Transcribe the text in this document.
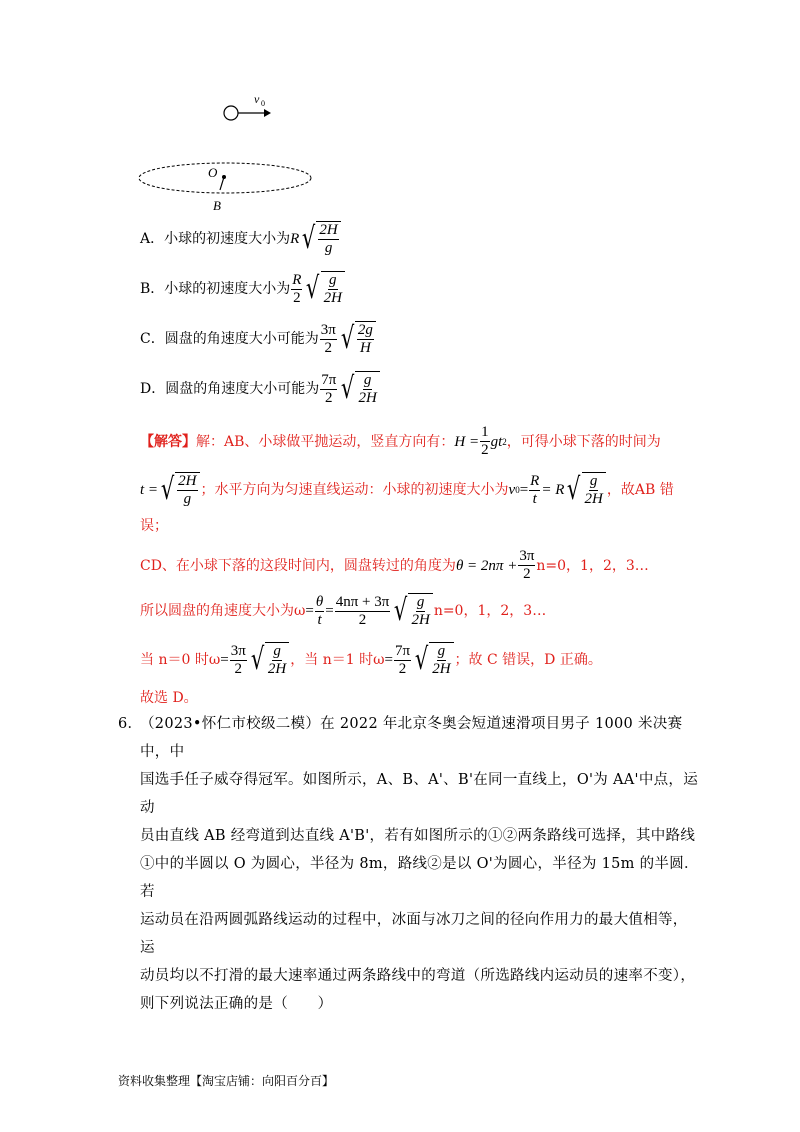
v 0
O
B
A．小球的初速度大小为 R √ $\frac{2H}{g}$
B．小球的初速度大小为 $\frac{R}{2}$ √ $\frac{g}{2H}$
C．圆盘的角速度大小可能为 $\frac{3\pi}{2}$ √ $\frac{2g}{H}$
D．圆盘的角速度大小可能为 $\frac{7\pi}{2}$ √ $\frac{g}{2H}$
【解答】 解：AB、小球做平抛运动，竖直方向有： $H = \frac{1}{2}$ gt 2 ，可得小球下落的时间为
t = √ $\frac{2H}{g}$ ；水平方向为匀速直线运动：小球的初速度大小为 v $0 = \frac{R}{t} = R$ √ $\frac{g}{2H}$ ，故AB 错
误；
CD、在小球下落的这段时间内，圆盘转过的角度为 $\theta = 2n\pi + \frac{3\pi}{2} n=0$，1，2，3…
所以圆盘的角速度大小为$\omega = \frac{\theta}{t} = \frac{4n\pi + 3\pi}{2}$ √ $\frac{g}{2H} n=0$，1，2，3…
当 n＝0 时$\omega = \frac{3\pi}{2}$ √ $\frac{g}{2H}$ ，当 n＝1 时$\omega = \frac{7\pi}{2}$ √ $\frac{g}{2H}$ ；故 C 错误，D 正确。
故选 D。
6．
（2023•怀仁市校级二模）在 2022 年北京冬奥会短道速滑项目男子 1000 米决赛中，中
国选手任子威夺得冠军。如图所示，A、B、A'、B'在同一直线上，O'为 AA'中点，运动
员由直线 AB 经弯道到达直线 A'B'，若有如图所示的①②两条路线可选择，其中路线
①中的半圆以 O 为圆心，半径为 8m，路线②是以 O'为圆心，半径为 15m 的半圆．若
运动员在沿两圆弧路线运动的过程中，冰面与冰刀之间的径向作用力的最大值相等，运
动员均以不打滑的最大速率通过两条路线中的弯道（所选路线内运动员的速率不变），
则下列说法正确的是（　　）
资料收集整理【淘宝店铺：向阳百分百】
